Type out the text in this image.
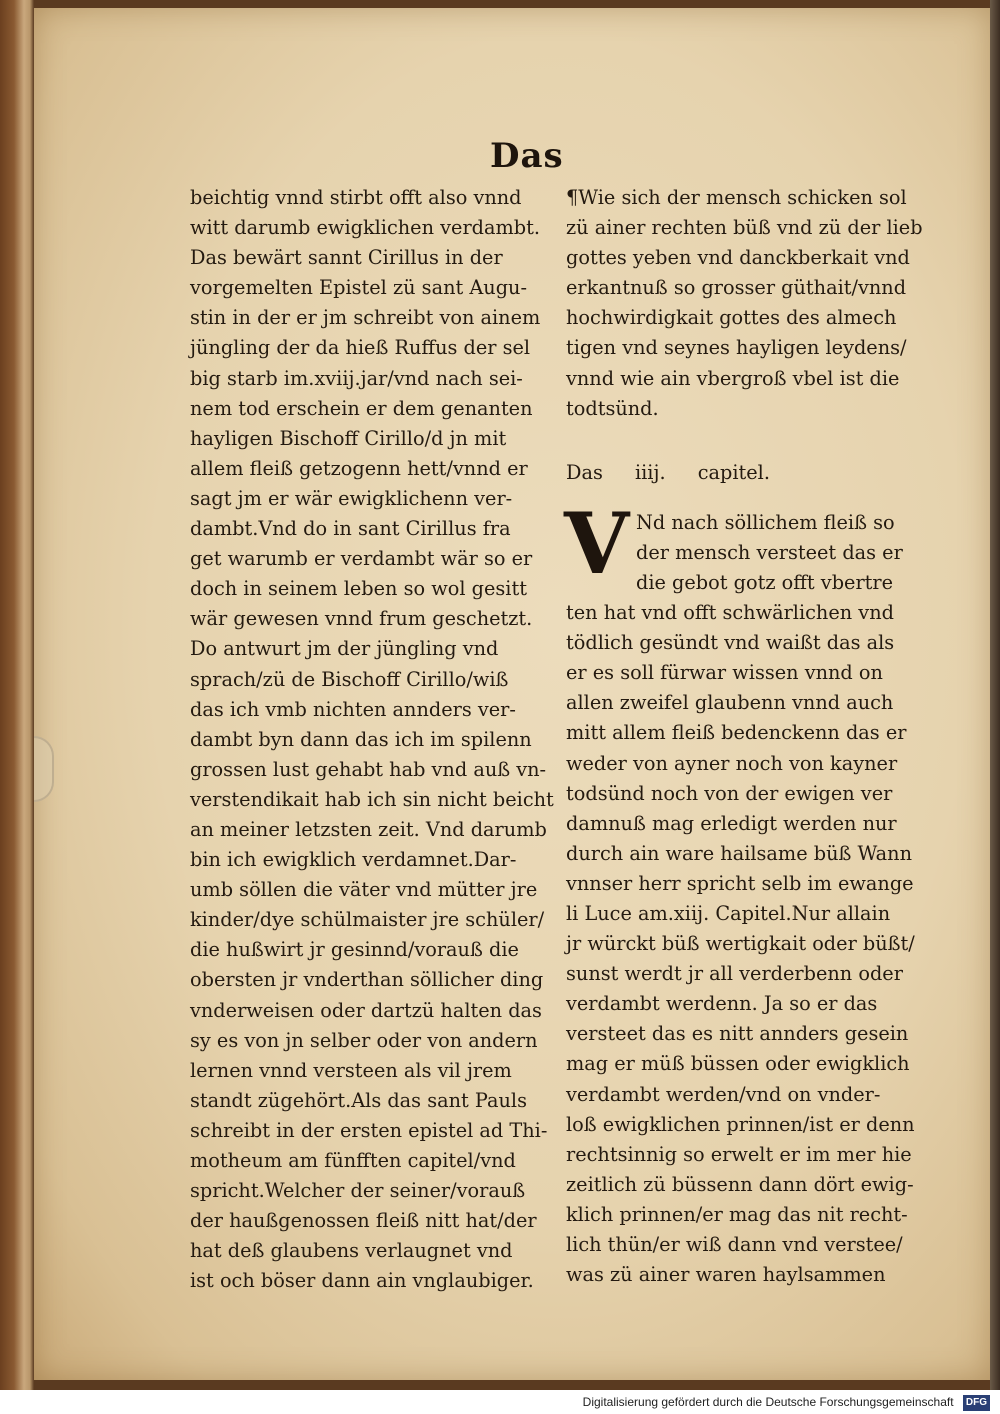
Das
beichtig vnnd stirbt offt also vnnd
witt darumb ewigklichen verdambt.
Das bewärt sannt Cirillus in der
vorgemelten Epistel zü sant Augu-
stin in der er jm schreibt von ainem
jüngling der da hieß Ruffus der sel
big starb im.xviij.jar/vnd nach sei-
nem tod erschein er dem genanten
hayligen Bischoff Cirillo/d jn mit
allem fleiß getzogenn hett/vnnd er
sagt jm er wär ewigklichenn ver-
dambt.Vnd do in sant Cirillus fra
get warumb er verdambt wär so er
doch in seinem leben so wol gesitt
wär gewesen vnnd frum geschetzt.
Do antwurt jm der jüngling vnd
sprach/zü de Bischoff Cirillo/wiß
das ich vmb nichten annders ver-
dambt byn dann das ich im spilenn
grossen lust gehabt hab vnd auß vn-
verstendikait hab ich sin nicht beicht
an meiner letzsten zeit. Vnd darumb
bin ich ewigklich verdamnet.Dar-
umb söllen die väter vnd mütter jre
kinder/dye schülmaister jre schüler/
die hußwirt jr gesinnd/vorauß die
obersten jr vnderthan söllicher ding
vnderweisen oder dartzü halten das
sy es von jn selber oder von andern
lernen vnnd versteen als vil jrem
standt zügehört.Als das sant Pauls
schreibt in der ersten epistel ad Thi-
motheum am fünfften capitel/vnd
spricht.Welcher der seiner/vorauß
der haußgenossen fleiß nitt hat/der
hat deß glaubens verlaugnet vnd
ist och böser dann ain vnglaubiger.
¶Wie sich der mensch schicken sol
zü ainer rechten büß vnd zü der lieb
gottes yeben vnd danckberkait vnd
erkantnuß so grosser güthait/vnnd
hochwirdigkait gottes des almech
tigen vnd seynes hayligen leydens/
vnnd wie ain vbergroß vbel ist die
todtsünd.
Das iiij. capitel.
V Nd nach söllichem fleiß so
der mensch versteet das er
die gebot gotz offt vbertre
ten hat vnd offt schwärlichen vnd
tödlich gesündt vnd waißt das als
er es soll fürwar wissen vnnd on
allen zweifel glaubenn vnnd auch
mitt allem fleiß bedenckenn das er
weder von ayner noch von kayner
todsünd noch von der ewigen ver
damnuß mag erledigt werden nur
durch ain ware hailsame büß Wann
vnnser herr spricht selb im ewange
li Luce am.xiij. Capitel.Nur allain
jr würckt büß wertigkait oder büßt/
sunst werdt jr all verderbenn oder
verdambt werdenn. Ja so er das
versteet das es nitt annders gesein
mag er müß büssen oder ewigklich
verdambt werden/vnd on vnder-
loß ewigklichen prinnen/ist er denn
rechtsinnig so erwelt er im mer hie
zeitlich zü büssenn dann dört ewig-
klich prinnen/er mag das nit recht-
lich thün/er wiß dann vnd verstee/
was zü ainer waren haylsammen
Digitalisierung gefördert durch die Deutsche Forschungsgemeinschaft DFG
